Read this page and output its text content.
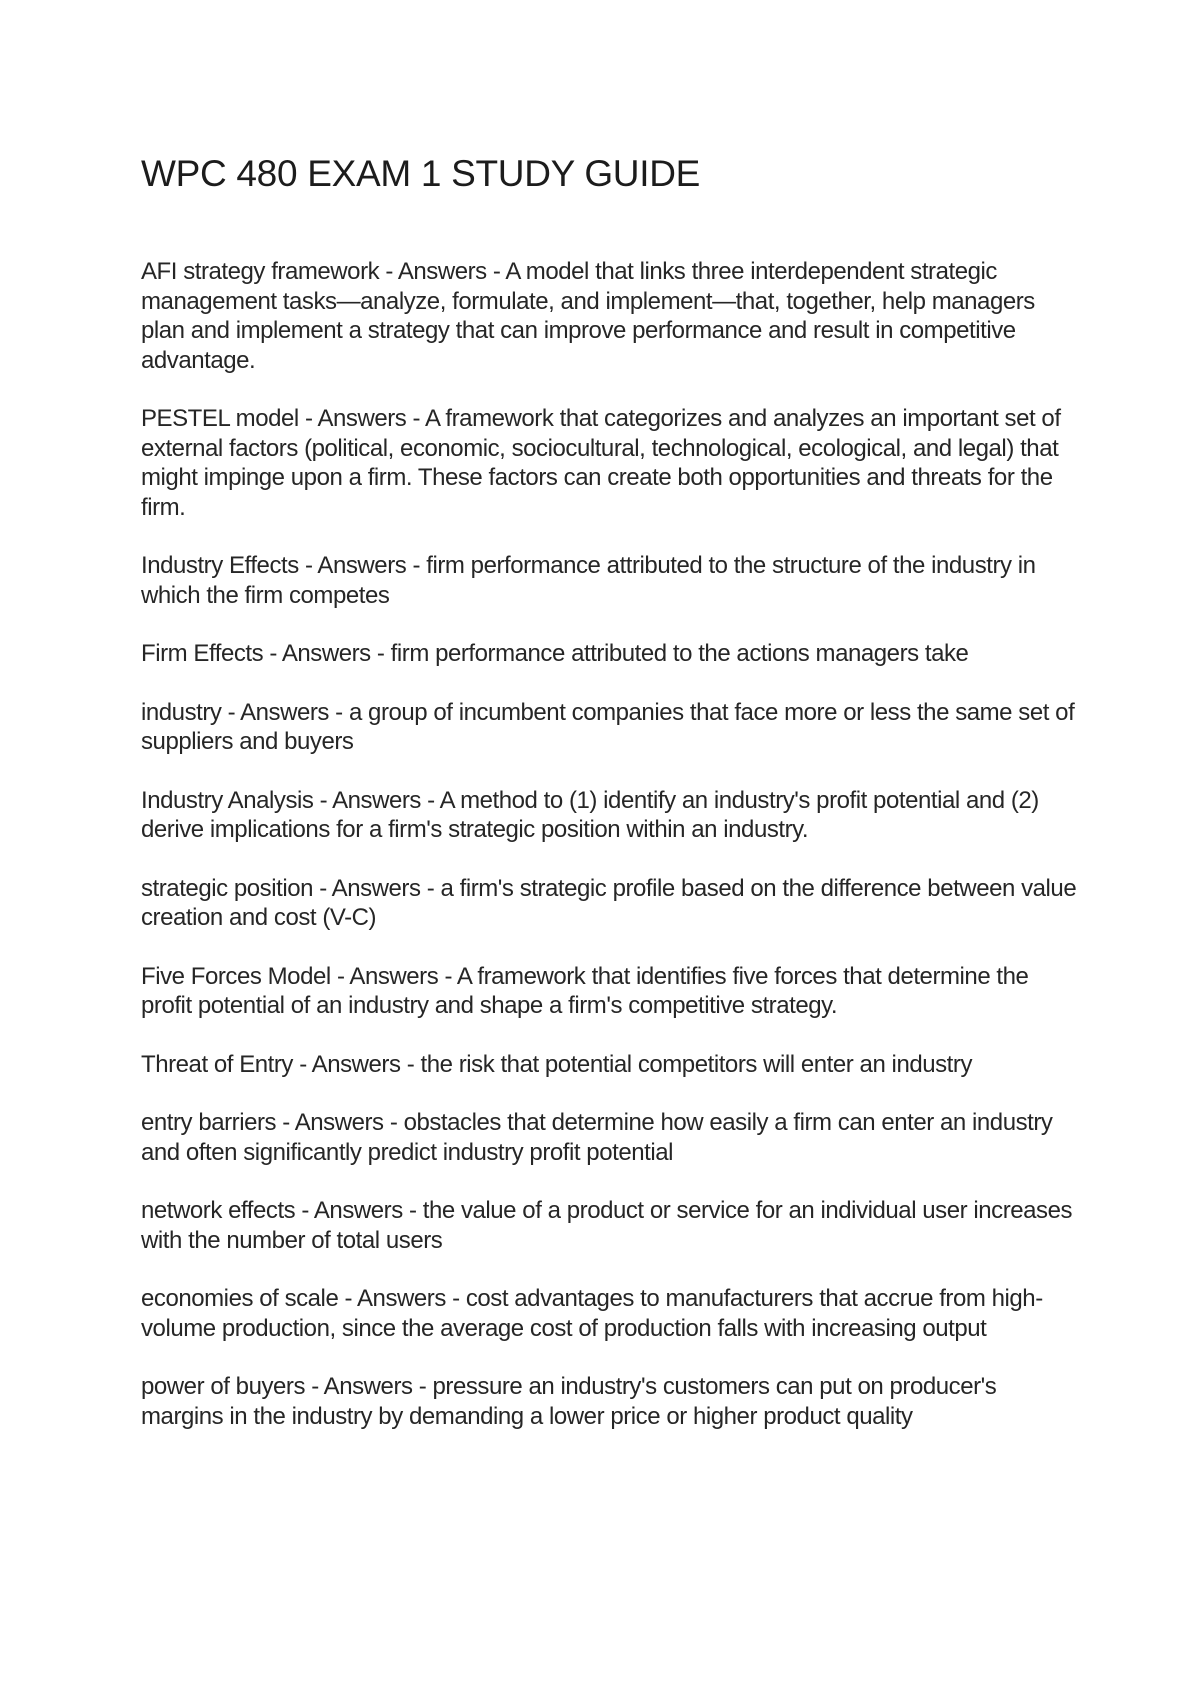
WPC 480 EXAM 1 STUDY GUIDE
AFI strategy framework - Answers - A model that links three interdependent strategic management tasks—analyze, formulate, and implement—that, together, help managers plan and implement a strategy that can improve performance and result in competitive advantage.
PESTEL model - Answers - A framework that categorizes and analyzes an important set of external factors (political, economic, sociocultural, technological, ecological, and legal) that might impinge upon a firm. These factors can create both opportunities and threats for the firm.
Industry Effects - Answers - firm performance attributed to the structure of the industry in which the firm competes
Firm Effects - Answers - firm performance attributed to the actions managers take
industry - Answers - a group of incumbent companies that face more or less the same set of suppliers and buyers
Industry Analysis - Answers - A method to (1) identify an industry's profit potential and (2) derive implications for a firm's strategic position within an industry.
strategic position - Answers - a firm's strategic profile based on the difference between value creation and cost (V-C)
Five Forces Model - Answers - A framework that identifies five forces that determine the profit potential of an industry and shape a firm's competitive strategy.
Threat of Entry - Answers - the risk that potential competitors will enter an industry
entry barriers - Answers - obstacles that determine how easily a firm can enter an industry and often significantly predict industry profit potential
network effects - Answers - the value of a product or service for an individual user increases with the number of total users
economies of scale - Answers - cost advantages to manufacturers that accrue from high-volume production, since the average cost of production falls with increasing output
power of buyers - Answers - pressure an industry's customers can put on producer's margins in the industry by demanding a lower price or higher product quality
